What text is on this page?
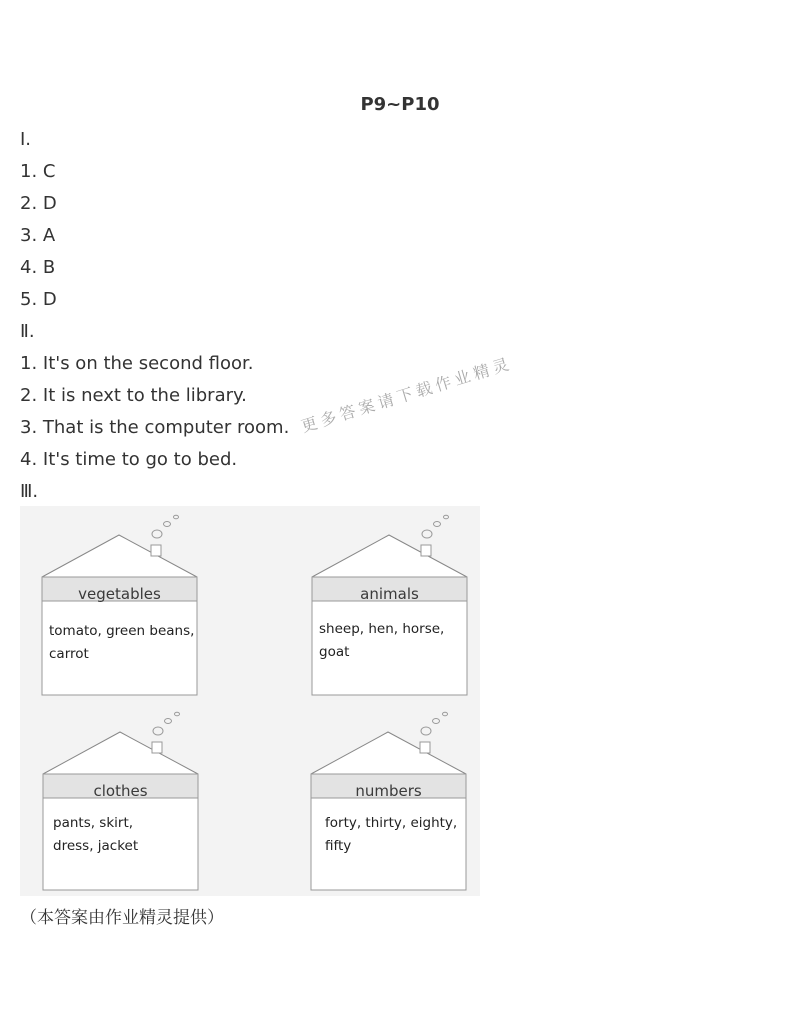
P9~P10
Ⅰ.
1. C
2. D
3. A
4. B
5. D
Ⅱ.
1. It's on the second floor.
2. It is next to the library.
3. That is the computer room.
4. It's time to go to bed.
Ⅲ.
更多答案请下载作业精灵
vegetables
tomato, green beans,
carrot
animals
sheep, hen, horse,
goat
clothes
pants, skirt,
dress, jacket
numbers
forty, thirty, eighty,
fifty
（本答案由作业精灵提供）
